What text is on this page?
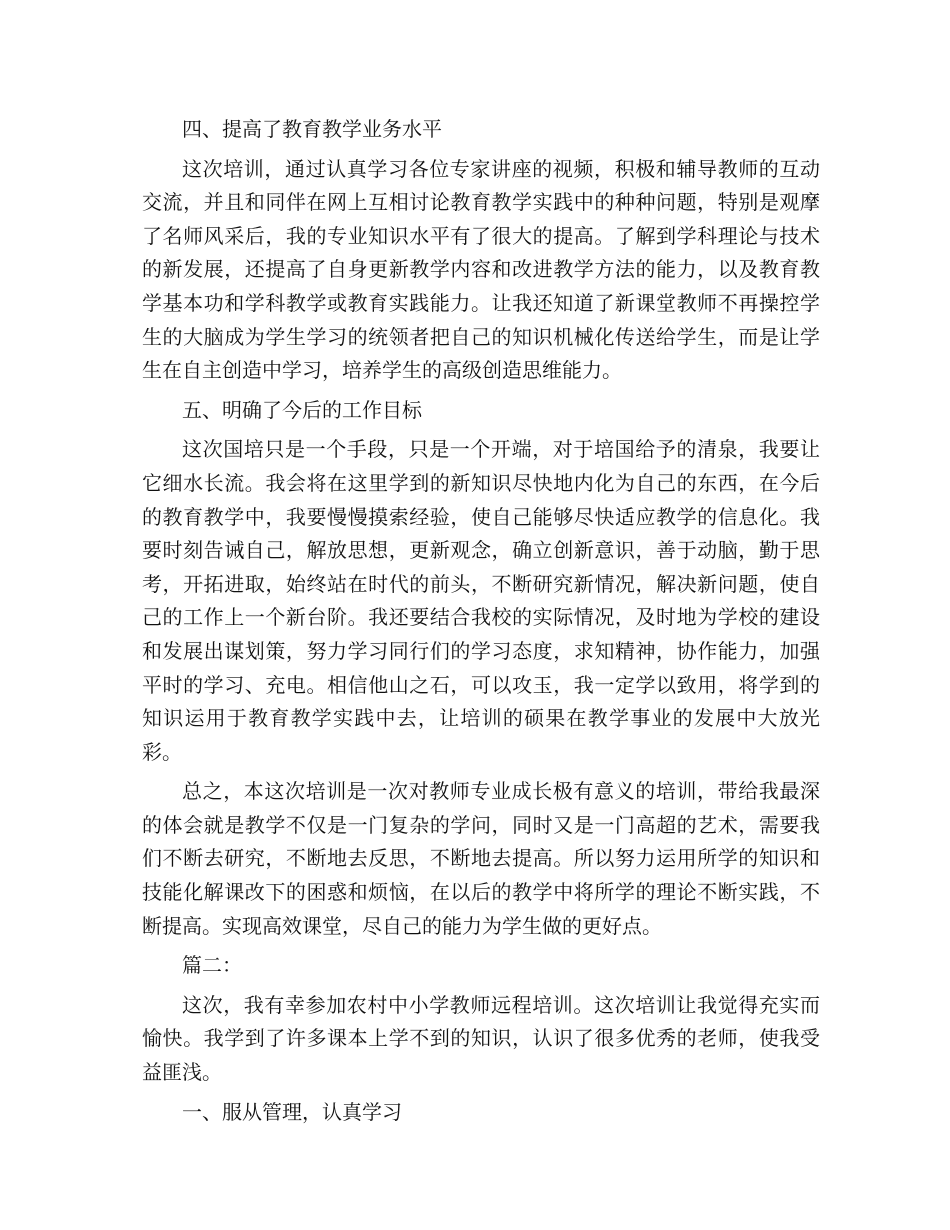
四、提高了教育教学业务水平

这次培训，通过认真学习各位专家讲座的视频，积极和辅导教师的互动交流，并且和同伴在网上互相讨论教育教学实践中的种种问题，特别是观摩了名师风采后，我的专业知识水平有了很大的提高。了解到学科理论与技术的新发展，还提高了自身更新教学内容和改进教学方法的能力，以及教育教学基本功和学科教学或教育实践能力。让我还知道了新课堂教师不再操控学生的大脑成为学生学习的统领者把自己的知识机械化传送给学生，而是让学生在自主创造中学习，培养学生的高级创造思维能力。

五、明确了今后的工作目标

这次国培只是一个手段，只是一个开端，对于培国给予的清泉，我要让它细水长流。我会将在这里学到的新知识尽快地内化为自己的东西，在今后的教育教学中，我要慢慢摸索经验，使自己能够尽快适应教学的信息化。我要时刻告诫自己，解放思想，更新观念，确立创新意识，善于动脑，勤于思考，开拓进取，始终站在时代的前头，不断研究新情况，解决新问题，使自己的工作上一个新台阶。我还要结合我校的实际情况，及时地为学校的建设和发展出谋划策，努力学习同行们的学习态度，求知精神，协作能力，加强平时的学习、充电。相信他山之石，可以攻玉，我一定学以致用，将学到的知识运用于教育教学实践中去，让培训的硕果在教学事业的发展中大放光彩。

总之，本这次培训是一次对教师专业成长极有意义的培训，带给我最深的体会就是教学不仅是一门复杂的学问，同时又是一门高超的艺术，需要我们不断去研究，不断地去反思，不断地去提高。所以努力运用所学的知识和技能化解课改下的困惑和烦恼，在以后的教学中将所学的理论不断实践，不断提高。实现高效课堂，尽自己的能力为学生做的更好点。

篇二：

这次，我有幸参加农村中小学教师远程培训。这次培训让我觉得充实而愉快。我学到了许多课本上学不到的知识，认识了很多优秀的老师，使我受益匪浅。

一、服从管理，认真学习
